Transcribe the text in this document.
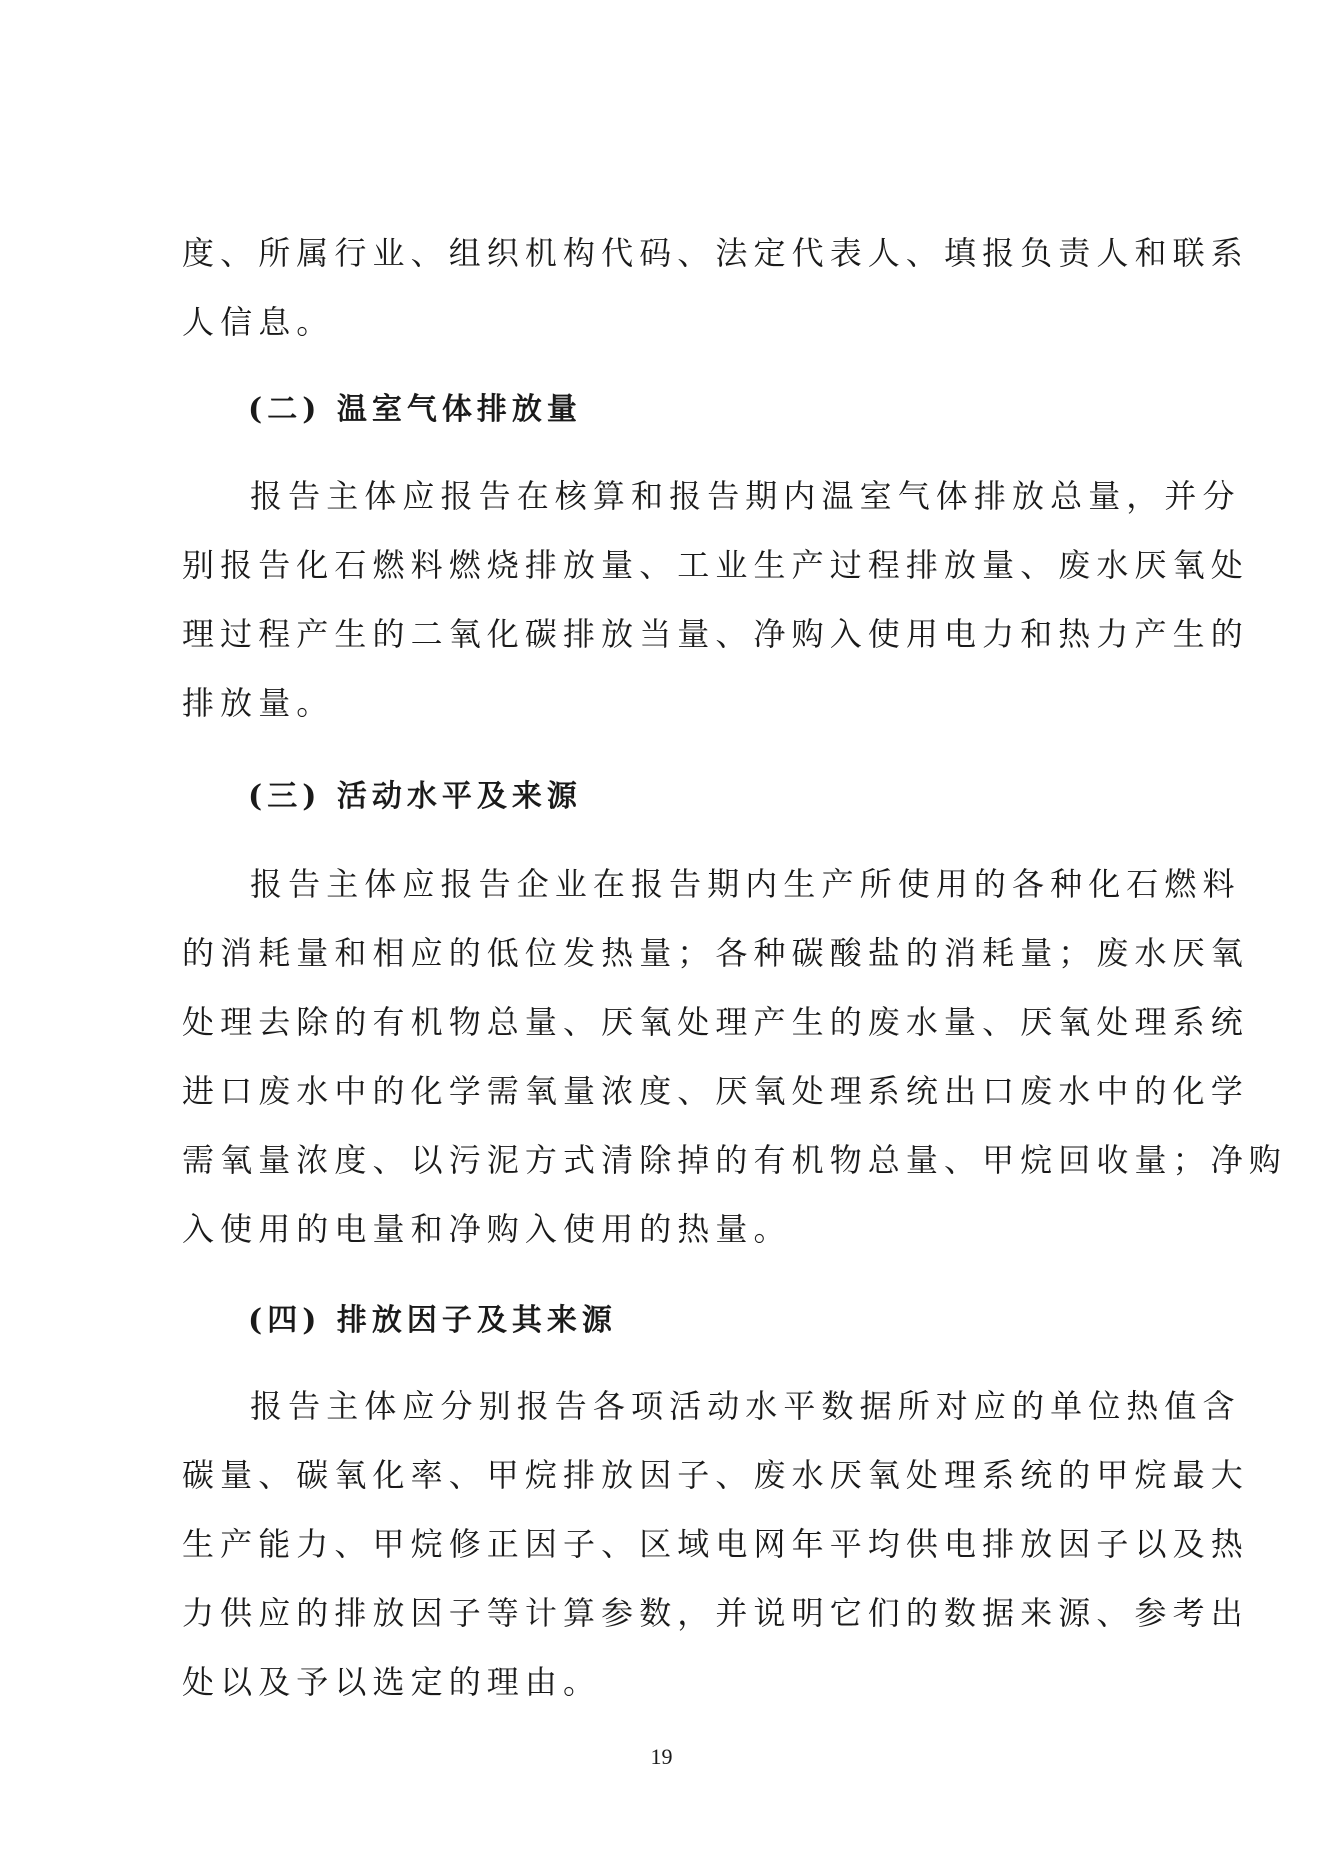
度、所属行业、组织机构代码、法定代表人、填报负责人和联系
人信息。
(二) 温室气体排放量
报告主体应报告在核算和报告期内温室气体排放总量，并分
别报告化石燃料燃烧排放量、工业生产过程排放量、废水厌氧处
理过程产生的二氧化碳排放当量、净购入使用电力和热力产生的
排放量。
(三) 活动水平及来源
报告主体应报告企业在报告期内生产所使用的各种化石燃料
的消耗量和相应的低位发热量；各种碳酸盐的消耗量；废水厌氧
处理去除的有机物总量、厌氧处理产生的废水量、厌氧处理系统
进口废水中的化学需氧量浓度、厌氧处理系统出口废水中的化学
需氧量浓度、以污泥方式清除掉的有机物总量、甲烷回收量；净购
入使用的电量和净购入使用的热量。
(四) 排放因子及其来源
报告主体应分别报告各项活动水平数据所对应的单位热值含
碳量、碳氧化率、甲烷排放因子、废水厌氧处理系统的甲烷最大
生产能力、甲烷修正因子、区域电网年平均供电排放因子以及热
力供应的排放因子等计算参数，并说明它们的数据来源、参考出
处以及予以选定的理由。
19
